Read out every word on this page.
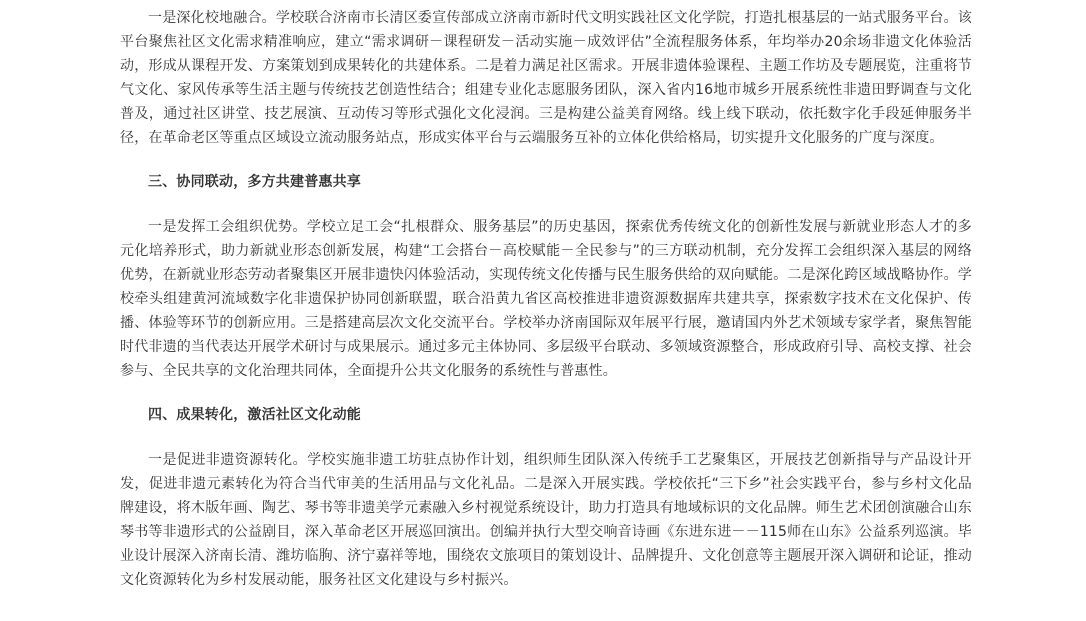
一是深化校地融合。学校联合济南市长清区委宣传部成立济南市新时代文明实践社区文化学院，打造扎根基层的一站式服务平台。该平台聚焦社区文化需求精准响应，建立“需求调研－课程研发－活动实施－成效评估”全流程服务体系，年均举办20余场非遗文化体验活动，形成从课程开发、方案策划到成果转化的共建体系。二是着力满足社区需求。开展非遗体验课程、主题工作坊及专题展览，注重将节气文化、家风传承等生活主题与传统技艺创造性结合；组建专业化志愿服务团队，深入省内16地市城乡开展系统性非遗田野调查与文化普及，通过社区讲堂、技艺展演、互动传习等形式强化文化浸润。三是构建公益美育网络。线上线下联动，依托数字化手段延伸服务半径，在革命老区等重点区域设立流动服务站点，形成实体平台与云端服务互补的立体化供给格局，切实提升文化服务的广度与深度。

三、协同联动，多方共建普惠共享

一是发挥工会组织优势。学校立足工会“扎根群众、服务基层”的历史基因，探索优秀传统文化的创新性发展与新就业形态人才的多元化培养形式，助力新就业形态创新发展，构建“工会搭台－高校赋能－全民参与”的三方联动机制，充分发挥工会组织深入基层的网络优势，在新就业形态劳动者聚集区开展非遗快闪体验活动，实现传统文化传播与民生服务供给的双向赋能。二是深化跨区域战略协作。学校牵头组建黄河流域数字化非遗保护协同创新联盟，联合沿黄九省区高校推进非遗资源数据库共建共享，探索数字技术在文化保护、传播、体验等环节的创新应用。三是搭建高层次文化交流平台。学校举办济南国际双年展平行展，邀请国内外艺术领域专家学者，聚焦智能时代非遗的当代表达开展学术研讨与成果展示。通过多元主体协同、多层级平台联动、多领域资源整合，形成政府引导、高校支撑、社会参与、全民共享的文化治理共同体，全面提升公共文化服务的系统性与普惠性。

四、成果转化，激活社区文化动能

一是促进非遗资源转化。学校实施非遗工坊驻点协作计划，组织师生团队深入传统手工艺聚集区，开展技艺创新指导与产品设计开发，促进非遗元素转化为符合当代审美的生活用品与文化礼品。二是深入开展实践。学校依托“三下乡”社会实践平台，参与乡村文化品牌建设，将木版年画、陶艺、琴书等非遗美学元素融入乡村视觉系统设计，助力打造具有地域标识的文化品牌。师生艺术团创演融合山东琴书等非遗形式的公益剧目，深入革命老区开展巡回演出。创编并执行大型交响音诗画《东进东进－－115师在山东》公益系列巡演。毕业设计展深入济南长清、潍坊临朐、济宁嘉祥等地，围绕农文旅项目的策划设计、品牌提升、文化创意等主题展开深入调研和论证，推动文化资源转化为乡村发展动能，服务社区文化建设与乡村振兴。
